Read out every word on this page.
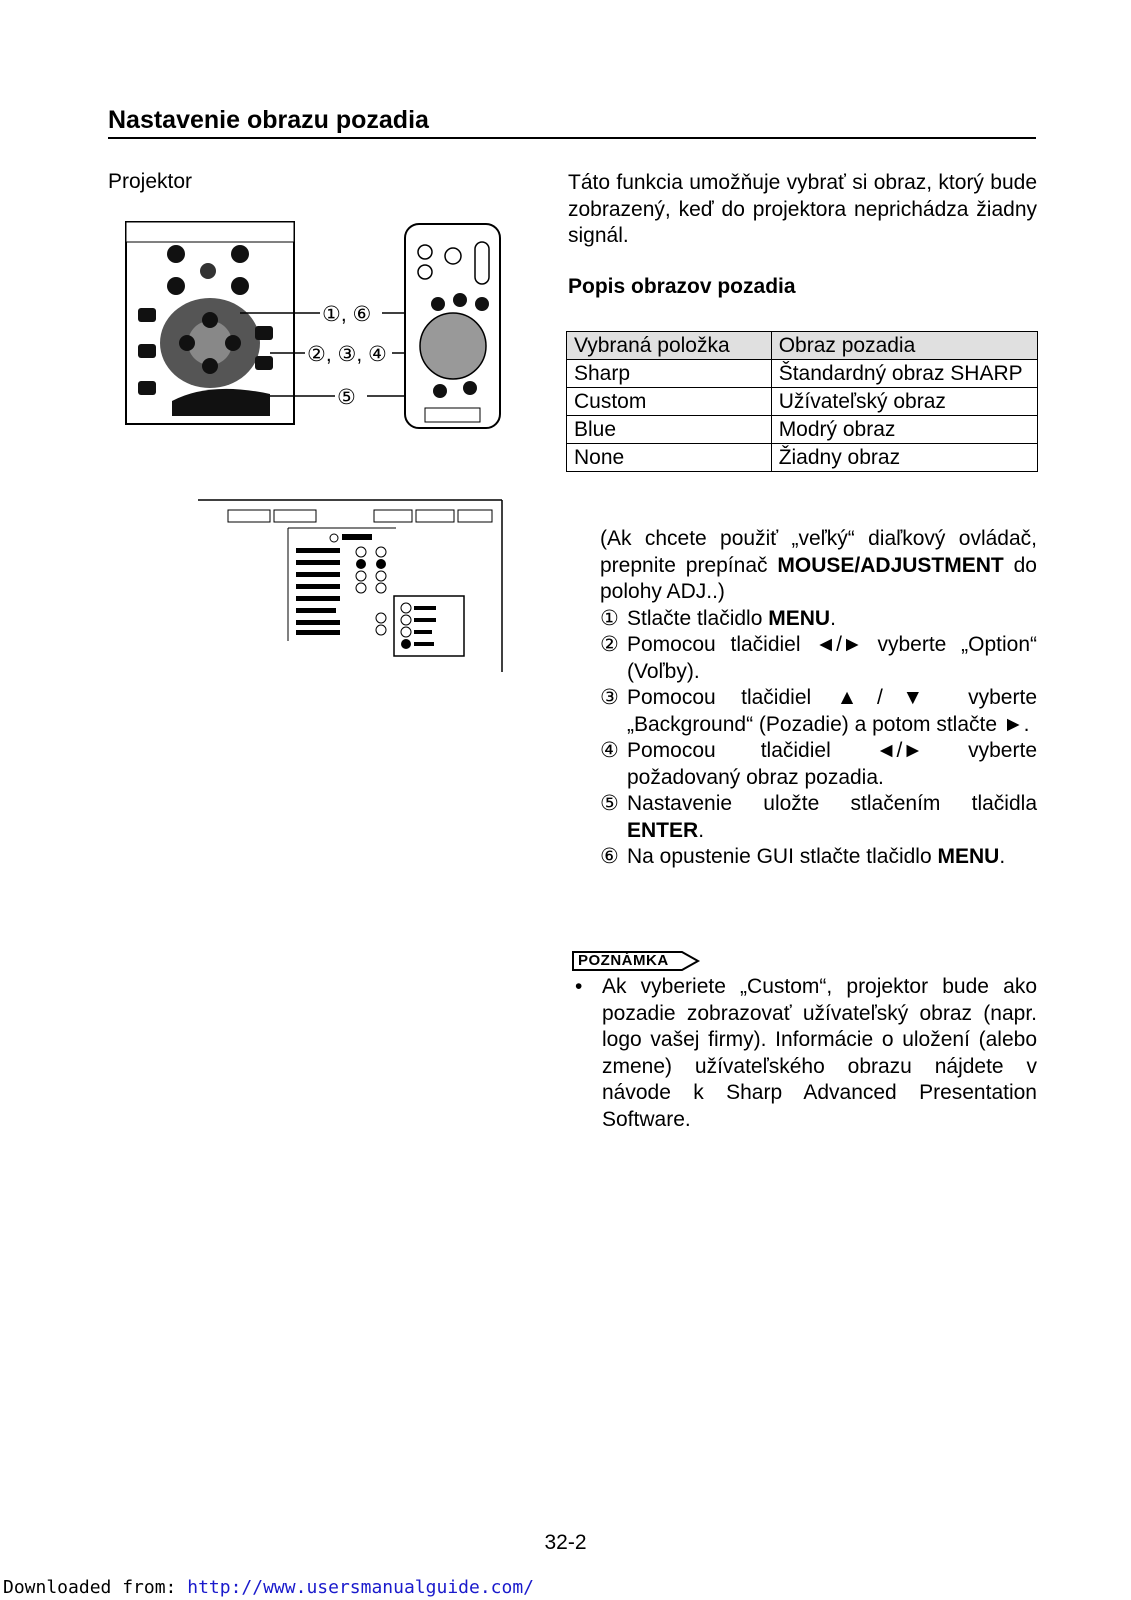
Nastavenie obrazu pozadia
Projektor
①, ⑥
②, ③, ④
⑤
Táto funkcia umožňuje vybrať si obraz, ktorý bude zobrazený, keď do projektora neprichádza žiadny signál.
Popis obrazov pozadia
Vybraná položka	Obraz pozadia
Sharp	Štandardný obraz SHARP
Custom	Užívateľský obraz
Blue	Modrý obraz
None	Žiadny obraz

(Ak chcete použiť „veľký“ diaľkový ovládač, prepnite prepínač MOUSE/ADJUSTMENT do polohy ADJ..)

① Stlačte tlačidlo MENU.
② Pomocou tlačidiel ◄/► vyberte „Option“ (Voľby).
③ Pomocou tlačidiel ▲/▼ vyberte „Background“ (Pozadie) a potom stlačte ►.
④ Pomocou tlačidiel ◄/► vyberte požadovaný obraz pozadia.
⑤ Nastavenie uložte stlačením tlačidla ENTER.
⑥ Na opustenie GUI stlačte tlačidlo MENU.
POZNÁMKA
• Ak vyberiete „Custom“, projektor bude ako pozadie zobrazovať užívateľský obraz (napr. logo vašej firmy). Informácie o uložení (alebo zmene) užívateľského obrazu nájdete v návode k Sharp Advanced Presentation Software.
32-2
Downloaded from: http://www.usersmanualguide.com/
